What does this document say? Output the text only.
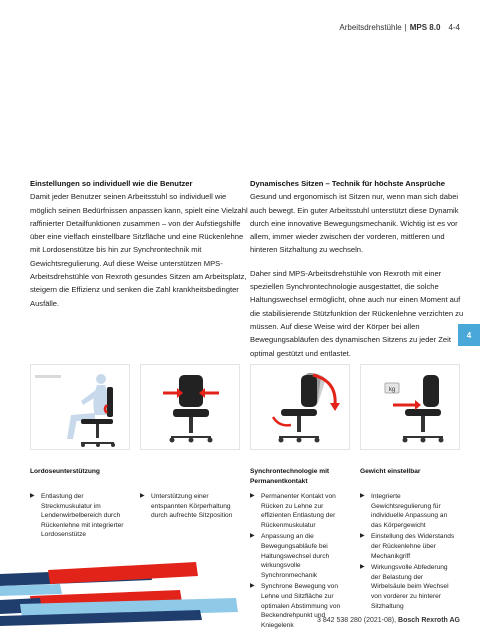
Arbeitsdrehstühle | MPS 8.0 4-4
Einstellungen so individuell wie die Benutzer

Damit jeder Benutzer seinen Arbeitsstuhl so individuell wie möglich seinen Bedürfnissen anpassen kann, spielt eine Vielzahl raffinierter Detailfunktionen zusammen – von der Aufstiegshilfe über eine vielfach einstellbare Sitzfläche und eine Rückenlehne mit Lordosenstütze bis hin zur Synchrontechnik mit Gewichtsregulierung. Auf diese Weise unterstützen MPS-Arbeitsdrehstühle von Rexroth gesundes Sitzen am Arbeitsplatz, steigern die Effizienz und senken die Zahl krankheitsbedingter Ausfälle.

Dynamisches Sitzen – Technik für höchste Ansprüche

Gesund und ergonomisch ist Sitzen nur, wenn man sich dabei auch bewegt. Ein guter Arbeitsstuhl unterstützt diese Dynamik durch eine innovative Bewegungsmechanik. Wichtig ist es vor allem, immer wieder zwischen der vorderen, mittleren und hinteren Sitzhaltung zu wechseln.

Daher sind MPS-Arbeitsdrehstühle von Rexroth mit einer speziellen Synchrontechnologie ausgestattet, die solche Haltungswechsel ermöglicht, ohne auch nur einen Moment auf die stabilisierende Stützfunktion der Rückenlehne verzichten zu müssen. Auf diese Weise wird der Körper bei allen Bewegungsabläufen des dynamischen Sitzens zu jeder Zeit optimal gestützt und entlastet.

4
kg
Lordoseunterstützung	Synchrontechnologie mit Permanentkontakt
Gewicht einstellbar
▶ Entlastung der Streckmuskulatur im Lendenwirbelbereich durch Rückenlehne mit integrierter Lordosenstütze
▶ Unterstützung einer entspannten Körperhaltung durch aufrechte Sitzposition
▶ Permanenter Kontakt von Rücken zu Lehne zur effizienten Entlastung der Rückenmuskulatur
▶ Anpassung an die Bewegungsabläufe bei Haltungswechsel durch wirkungsvolle Synchronmechanik
▶ Synchrone Bewegung von Lehne und Sitzfläche zur optimalen Abstimmung von Beckendrehpunkt und Kniegelenk
▶ Integrierte Gewichtsregulierung für individuelle Anpassung an das Körpergewicht
▶ Einstellung des Widerstands der Rückenlehne über Mechanikgriff
▶ Wirkungsvolle Abfederung der Belastung der Wirbelsäule beim Wechsel von vorderer zu hinterer Sitzhaltung
3 842 538 280 (2021-08), Bosch Rexroth AG
